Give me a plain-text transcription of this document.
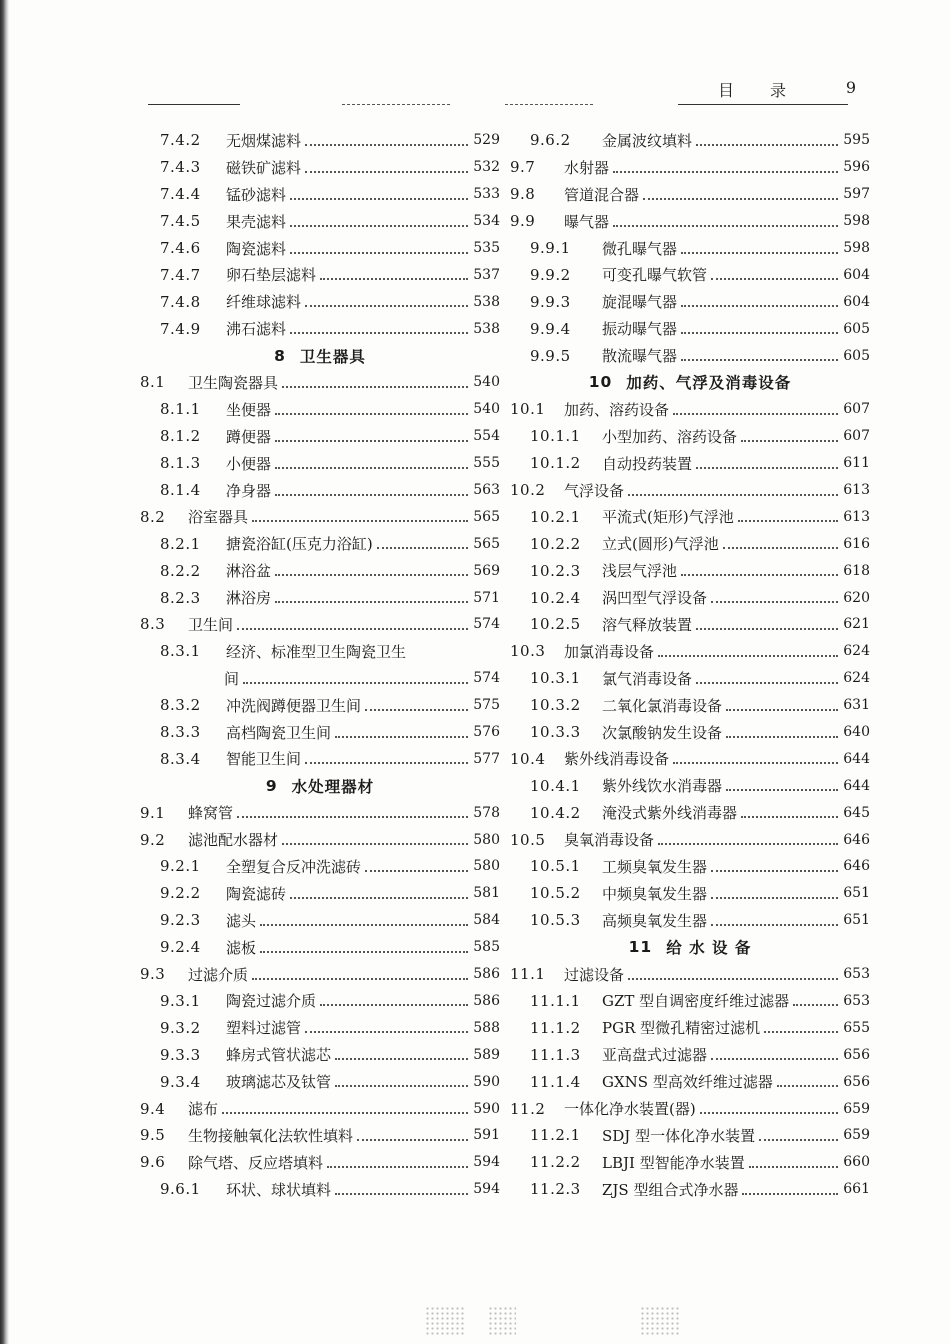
目 录	9
7.4.2	无烟煤滤料	529
7.4.3	磁铁矿滤料	532
7.4.4	锰砂滤料	533
7.4.5	果壳滤料	534
7.4.6	陶瓷滤料	535
7.4.7	卵石垫层滤料	537
7.4.8	纤维球滤料	538
7.4.9	沸石滤料	538
8 卫生器具
8.1	卫生陶瓷器具	540
8.1.1	坐便器	540
8.1.2	蹲便器	554
8.1.3	小便器	555
8.1.4	净身器	563
8.2	浴室器具	565
8.2.1	搪瓷浴缸(压克力浴缸)	565
8.2.2	淋浴盆	569
8.2.3	淋浴房	571
8.3	卫生间	574
8.3.1	经济、标准型卫生陶瓷卫生
间	574
8.3.2	冲洗阀蹲便器卫生间	575
8.3.3	高档陶瓷卫生间	576
8.3.4	智能卫生间	577
9 水处理器材
9.1	蜂窝管	578
9.2	滤池配水器材	580
9.2.1	全塑复合反冲洗滤砖	580
9.2.2	陶瓷滤砖	581
9.2.3	滤头	584
9.2.4	滤板	585
9.3	过滤介质	586
9.3.1	陶瓷过滤介质	586
9.3.2	塑料过滤管	588
9.3.3	蜂房式管状滤芯	589
9.3.4	玻璃滤芯及钛管	590
9.4	滤布	590
9.5	生物接触氧化法软性填料	591
9.6	除气塔、反应塔填料	594
9.6.1	环状、球状填料	594
9.6.2	金属波纹填料	595
9.7	水射器	596
9.8	管道混合器	597
9.9	曝气器	598
9.9.1	微孔曝气器	598
9.9.2	可变孔曝气软管	604
9.9.3	旋混曝气器	604
9.9.4	振动曝气器	605
9.9.5	散流曝气器	605
10 加药、气浮及消毒设备
10.1	加药、溶药设备	607
10.1.1	小型加药、溶药设备	607
10.1.2	自动投药装置	611
10.2	气浮设备	613
10.2.1	平流式(矩形)气浮池	613
10.2.2	立式(圆形)气浮池	616
10.2.3	浅层气浮池	618
10.2.4	涡凹型气浮设备	620
10.2.5	溶气释放装置	621
10.3	加氯消毒设备	624
10.3.1	氯气消毒设备	624
10.3.2	二氧化氯消毒设备	631
10.3.3	次氯酸钠发生设备	640
10.4	紫外线消毒设备	644
10.4.1	紫外线饮水消毒器	644
10.4.2	淹没式紫外线消毒器	645
10.5	臭氧消毒设备	646
10.5.1	工频臭氧发生器	646
10.5.2	中频臭氧发生器	651
10.5.3	高频臭氧发生器	651
11 给 水 设 备
11.1	过滤设备	653
11.1.1	GZT 型自调密度纤维过滤器	653
11.1.2	PGR 型微孔精密过滤机	655
11.1.3	亚高盘式过滤器	656
11.1.4	GXNS 型高效纤维过滤器	656
11.2	一体化净水装置(器)	659
11.2.1	SDJ 型一体化净水装置	659
11.2.2	LBJI 型智能净水装置	660
11.2.3	ZJS 型组合式净水器	661
